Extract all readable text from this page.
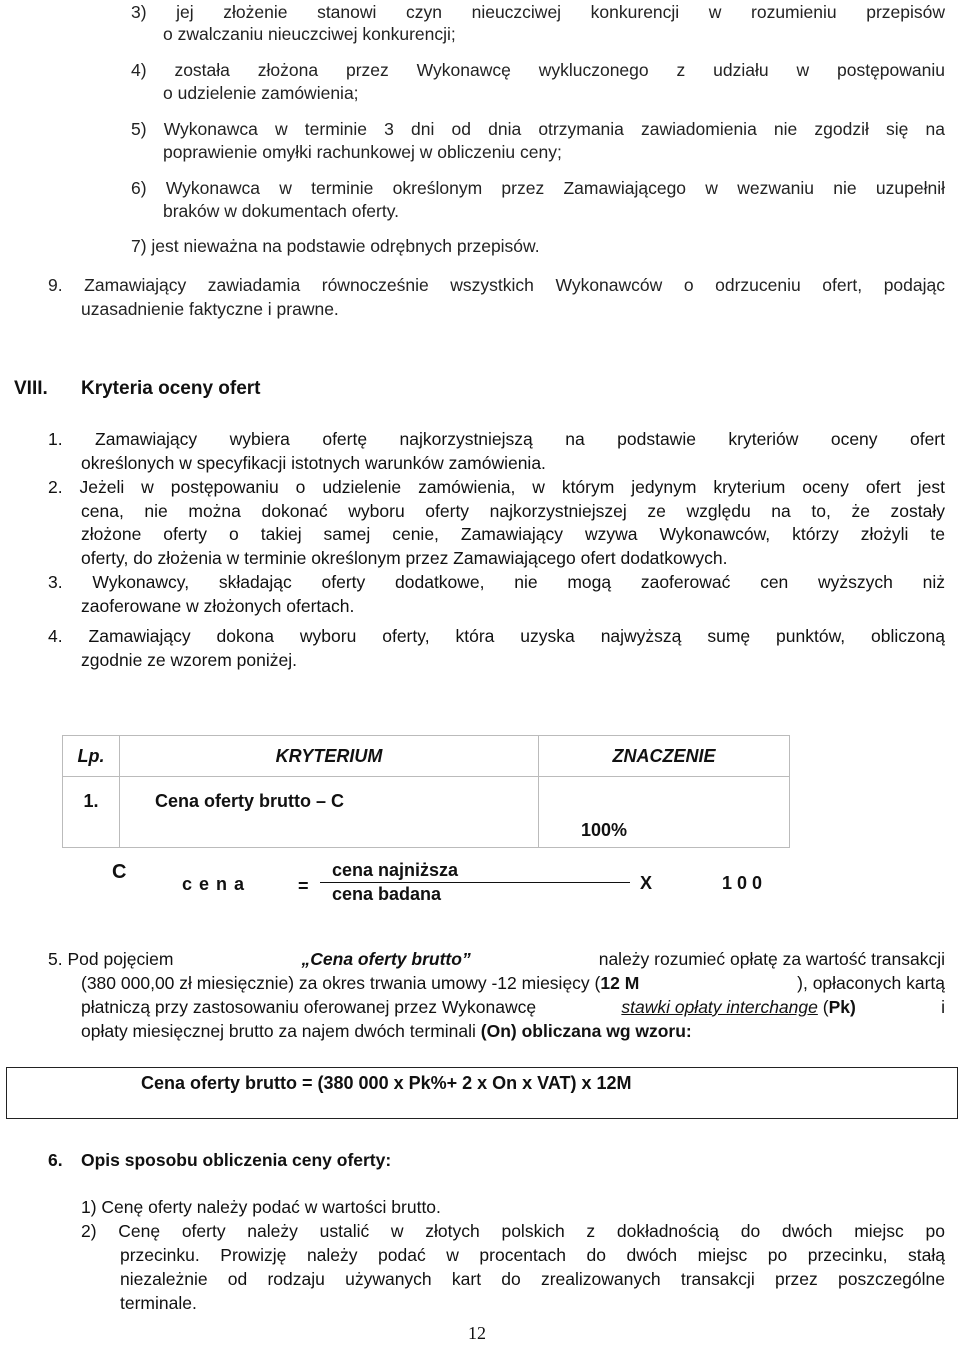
3) jej złożenie stanowi czyn nieuczciwej konkurencji w rozumieniu przepisów
o zwalczaniu nieuczciwej konkurencji;
4) została złożona przez Wykonawcę wykluczonego z udziału w postępowaniu
o udzielenie zamówienia;
5) Wykonawca w terminie 3 dni od dnia otrzymania zawiadomienia nie zgodził się na
poprawienie omyłki rachunkowej w obliczeniu ceny;
6) Wykonawca w terminie określonym przez Zamawiającego w wezwaniu nie uzupełnił
braków w dokumentach oferty.
7) jest nieważna na podstawie odrębnych przepisów.
9. Zamawiający zawiadamia równocześnie wszystkich Wykonawców o odrzuceniu ofert, podając
uzasadnienie faktyczne i prawne.
VIII. Kryteria oceny ofert
1. Zamawiający wybiera ofertę najkorzystniejszą na podstawie kryteriów oceny ofert
określonych w specyfikacji istotnych warunków zamówienia.
2. Jeżeli w postępowaniu o udzielenie zamówienia, w którym jedynym kryterium oceny ofert jest
cena, nie można dokonać wyboru oferty najkorzystniejszej ze względu na to, że zostały
złożone oferty o takiej samej cenie, Zamawiający wzywa Wykonawców, którzy złożyli te
oferty, do złożenia w terminie określonym przez Zamawiającego ofert dodatkowych.
3. Wykonawcy, składając oferty dodatkowe, nie mogą zaoferować cen wyższych niż
zaoferowane w złożonych ofertach.
4. Zamawiający dokona wyboru oferty, która uzyska najwyższą sumę punktów, obliczoną
zgodnie ze wzorem poniżej.
Lp.	KRYTERIUM	ZNACZENIE
1.	Cena oferty brutto – C	100%
C
c e n a	=
cena najniższa
cena badana
X	1 0 0
5. Pod pojęciem	„Cena oferty brutto”	należy rozumieć opłatę za wartość transakcji
(380 000,00 zł miesięcznie) za okres trwania umowy -12 miesięcy ( 12 M	), opłaconych kartą
płatniczą przy zastosowaniu oferowanej przez Wykonawcę	stawki opłaty interchange (Pk)	i
opłaty miesięcznej brutto za najem dwóch terminali (On) obliczana wg wzoru:
Cena oferty brutto = (380 000 x Pk%+ 2 x On x VAT) x 12M
6. Opis sposobu obliczenia ceny oferty:
1) Cenę oferty należy podać w wartości brutto.
2) Cenę oferty należy ustalić w złotych polskich z dokładnością do dwóch miejsc po
przecinku. Prowizję należy podać w procentach do dwóch miejsc po przecinku, stałą
niezależnie od rodzaju używanych kart do zrealizowanych transakcji przez poszczególne
terminale.
12
